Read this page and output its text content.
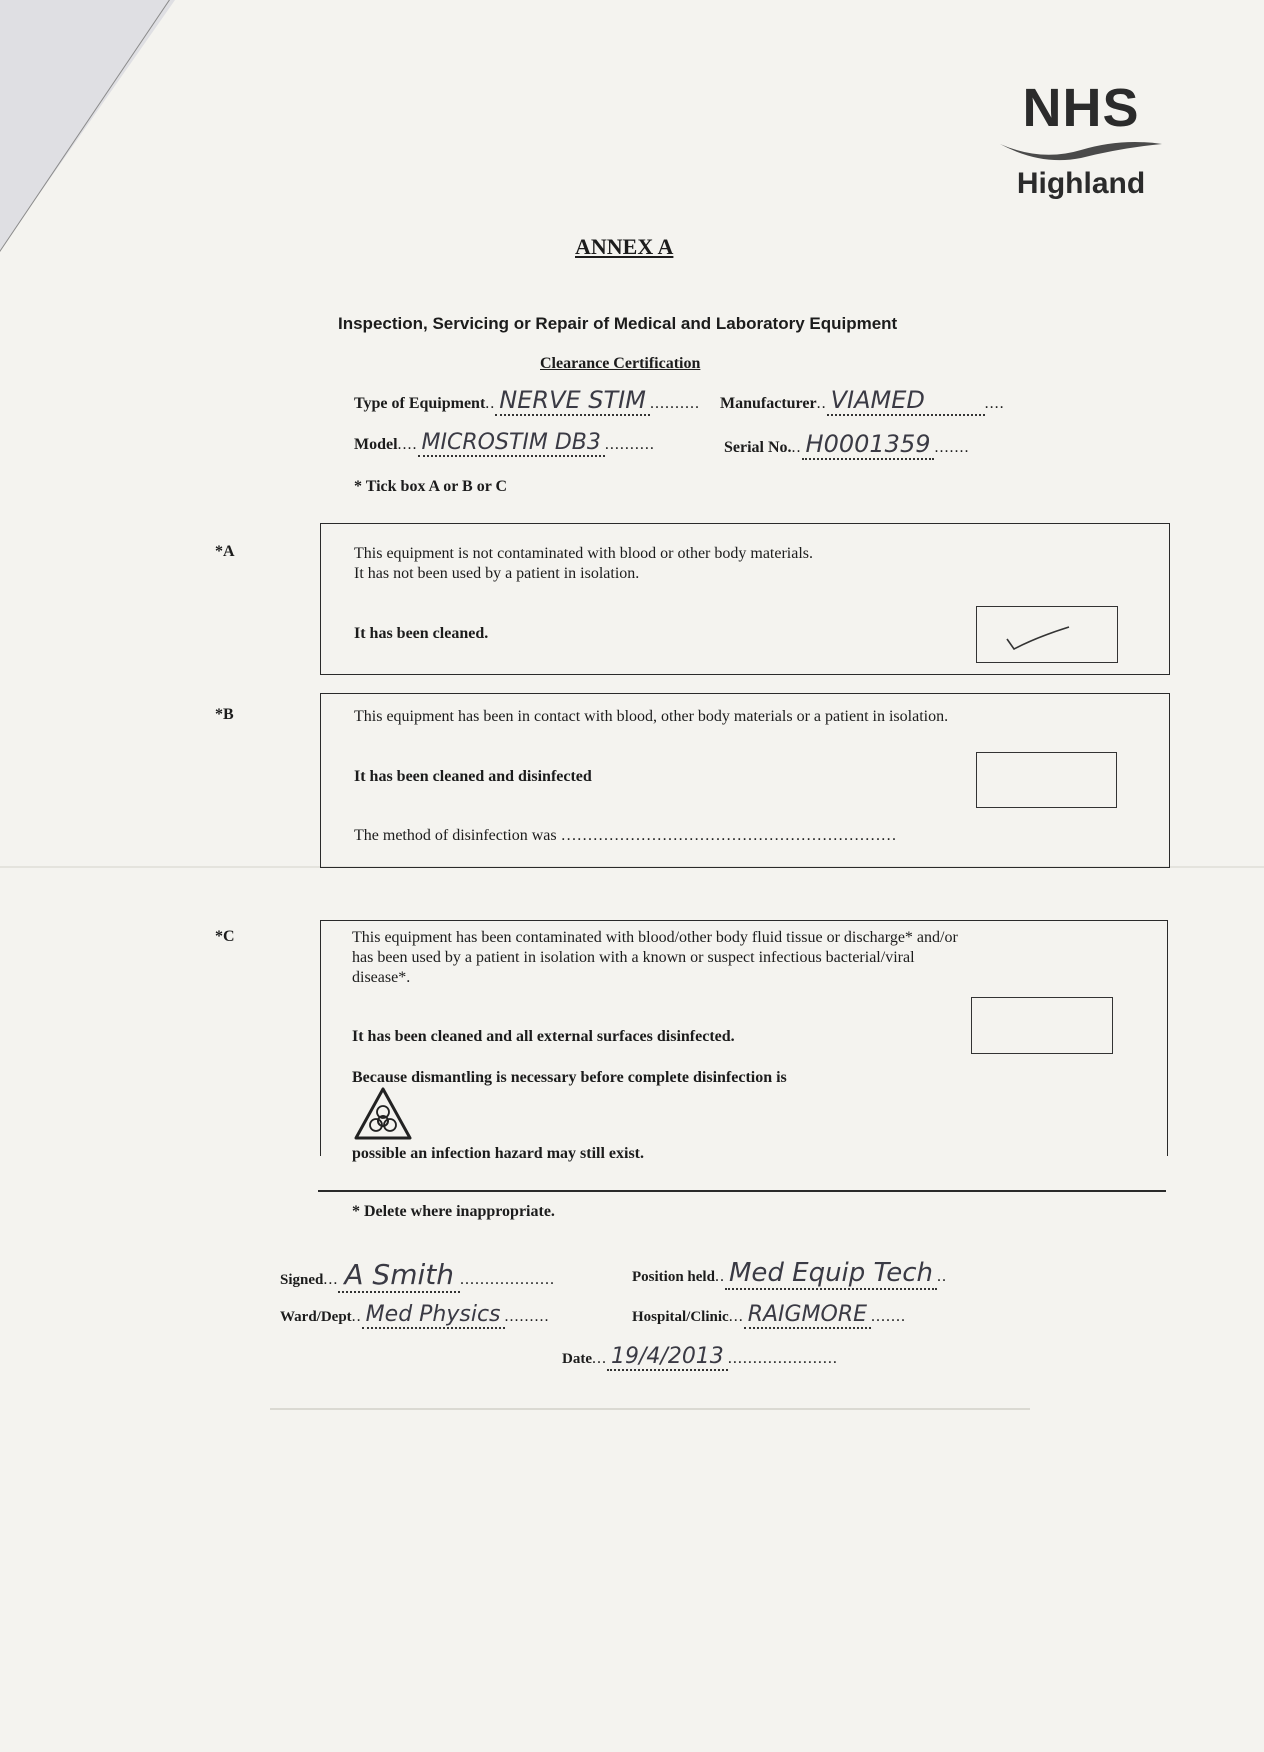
NHS
Highland
ANNEX A
Inspection, Servicing or Repair of Medical and Laboratory Equipment
Clearance Certification
Type of Equipment .. NERVE STIM .......... Manufacturer .. VIAMED	....
Model .... MICROSTIM DB3 ..........	Serial No. .. H0001359 .......
* Tick box A or B or C
*A	This equipment is not contaminated with blood or other body materials.
It has not been used by a patient in isolation.
It has been cleaned.
*B	This equipment has been in contact with blood, other body materials or a patient in isolation.
It has been cleaned and disinfected
The method of disinfection was ………………………………………………………
*C	This equipment has been contaminated with blood/other body fluid tissue or discharge* and/or
has been used by a patient in isolation with a known or suspect infectious bacterial/viral
disease*.
It has been cleaned and all external surfaces disinfected.
Because dismantling is necessary before complete disinfection is
possible an infection hazard may still exist.
* Delete where inappropriate.
Signed ... A Smith ...................	Position held .. Med Equip Tech ..
Ward/Dept .. Med Physics .........	Hospital/Clinic ... RAIGMORE .......
Date ... 19/4/2013 ......................
